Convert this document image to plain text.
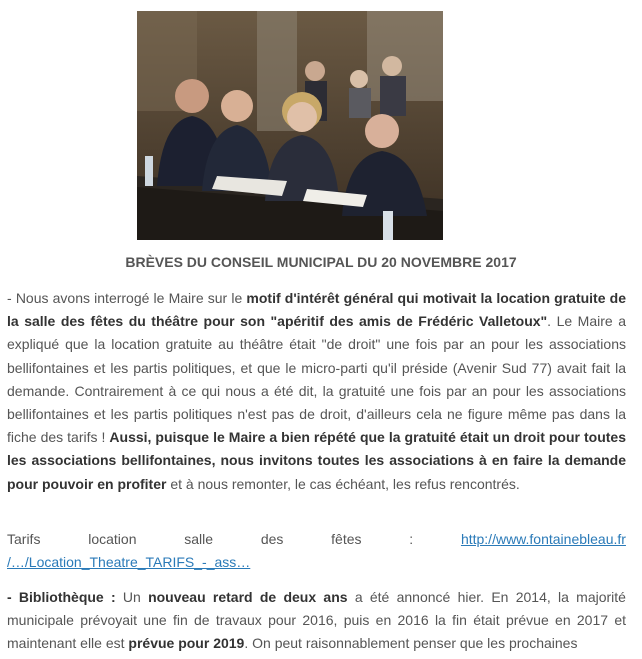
BRÈVES DU CONSEIL MUNICIPAL DU 20 NOVEMBRE 2017
- Nous avons interrogé le Maire sur le motif d'intérêt général qui motivait la location gratuite de la salle des fêtes du théâtre pour son "apéritif des amis de Frédéric Valletoux". Le Maire a expliqué que la location gratuite au théâtre était "de droit" une fois par an pour les associations bellifontaines et les partis politiques, et que le micro-parti qu'il préside (Avenir Sud 77) avait fait la demande. Contrairement à ce qui nous a été dit, la gratuité une fois par an pour les associations bellifontaines et les partis politiques n'est pas de droit, d'ailleurs cela ne figure même pas dans la fiche des tarifs ! Aussi, puisque le Maire a bien répété que la gratuité était un droit pour toutes les associations bellifontaines, nous invitons toutes les associations à en faire la demande pour pouvoir en profiter et à nous remonter, le cas échéant, les refus rencontrés.
Tarifs	location	salle	des	fêtes	:	http://www.fontainebleau.fr
/…/Location_Theatre_TARIFS_-_ass…
- Bibliothèque : Un nouveau retard de deux ans a été annoncé hier. En 2014, la majorité municipale prévoyait une fin de travaux pour 2016, puis en 2016 la fin était prévue en 2017 et maintenant elle est prévue pour 2019. On peut raisonnablement penser que les prochaines
